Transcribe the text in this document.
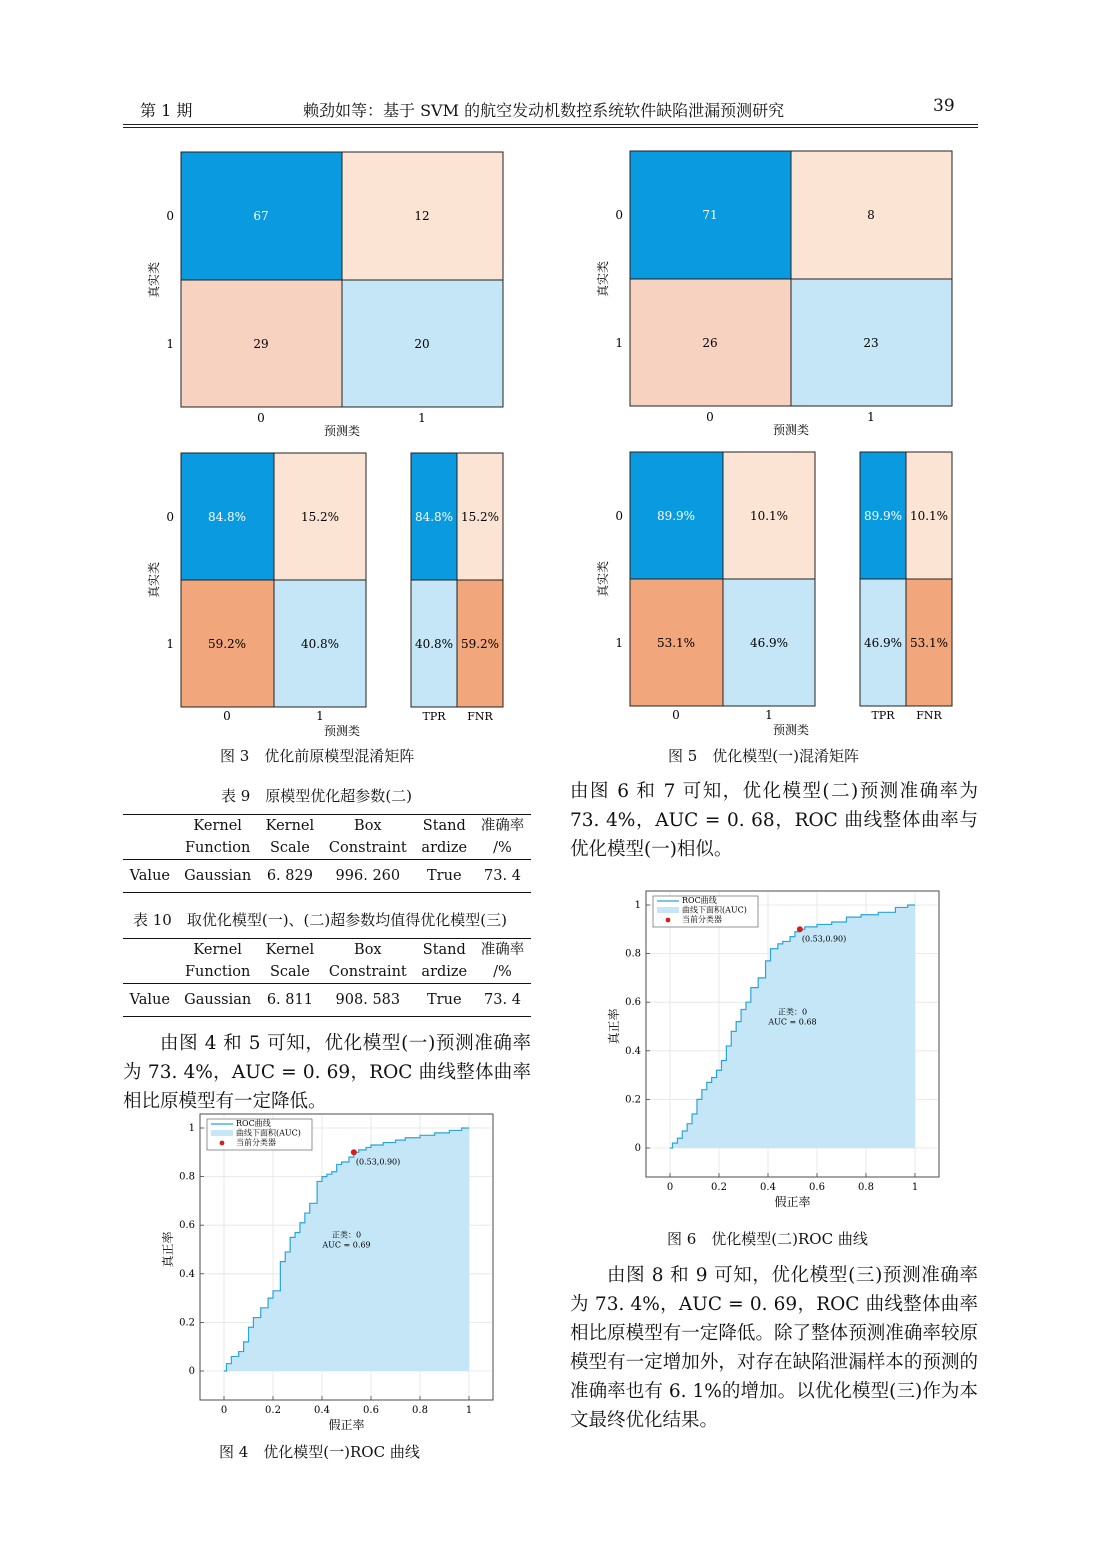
第 1 期	赖劲如等：基于 SVM 的航空发动机数控系统软件缺陷泄漏预测研究	39
67	12
29	20
0
1
0	1
预测类
真实类
84.8%	15.2%
59.2%	40.8%
0
1
0	1
预测类
真实类
84.8% 15.2%
40.8% 59.2%
TPR FNR
71	8
26	23
0
1
0	1
预测类
真实类
89.9%	10.1%
53.1%	46.9%
0
1
0	1
预测类
真实类
89.9% 10.1%
46.9% 53.1%
TPR FNR
图 3　优化前原模型混淆矩阵	图 5　优化模型(一)混淆矩阵
表 9　原模型优化超参数(二)
	Kernel	Kernel	Box	Stand	准确率
	Function	Scale	Constraint	ardize	/%
Value	Gaussian	6. 829	996. 260	True	73. 4
表 10　取优化模型(一)、(二)超参数均值得优化模型(三)
	Kernel	Kernel	Box	Stand	准确率
	Function	Scale	Constraint	ardize	/%
Value	Gaussian	6. 811	908. 583	True	73. 4
由图 4 和 5 可知，优化模型(一)预测准确率为 73. 4%，AUC = 0. 69，ROC 曲线整体曲率相比原模型有一定降低。
由图 6 和 7 可知，优化模型(二)预测准确率为 73. 4%，AUC = 0. 68，ROC 曲线整体曲率与优化模型(一)相似。
0
0
0.2
0.2
0.4
0.4
0.6
0.6
0.8
0.8
1
1
假正率
真正率
(0.53,0.90)
正类：0
AUC = 0.69
ROC曲线
曲线下面积(AUC)
当前分类器
图 4　优化模型(一)ROC 曲线
0
0
0.2
0.2
0.4
0.4
0.6
0.6
0.8
0.8
1
1
假正率
真正率
(0.53,0.90)
正类：0
AUC = 0.68
ROC曲线
曲线下面积(AUC)
当前分类器
图 6　优化模型(二)ROC 曲线
由图 8 和 9 可知，优化模型(三)预测准确率为 73. 4%，AUC = 0. 69，ROC 曲线整体曲率相比原模型有一定降低。除了整体预测准确率较原模型有一定增加外，对存在缺陷泄漏样本的预测的准确率也有 6. 1%的增加。以优化模型(三)作为本文最终优化结果。
